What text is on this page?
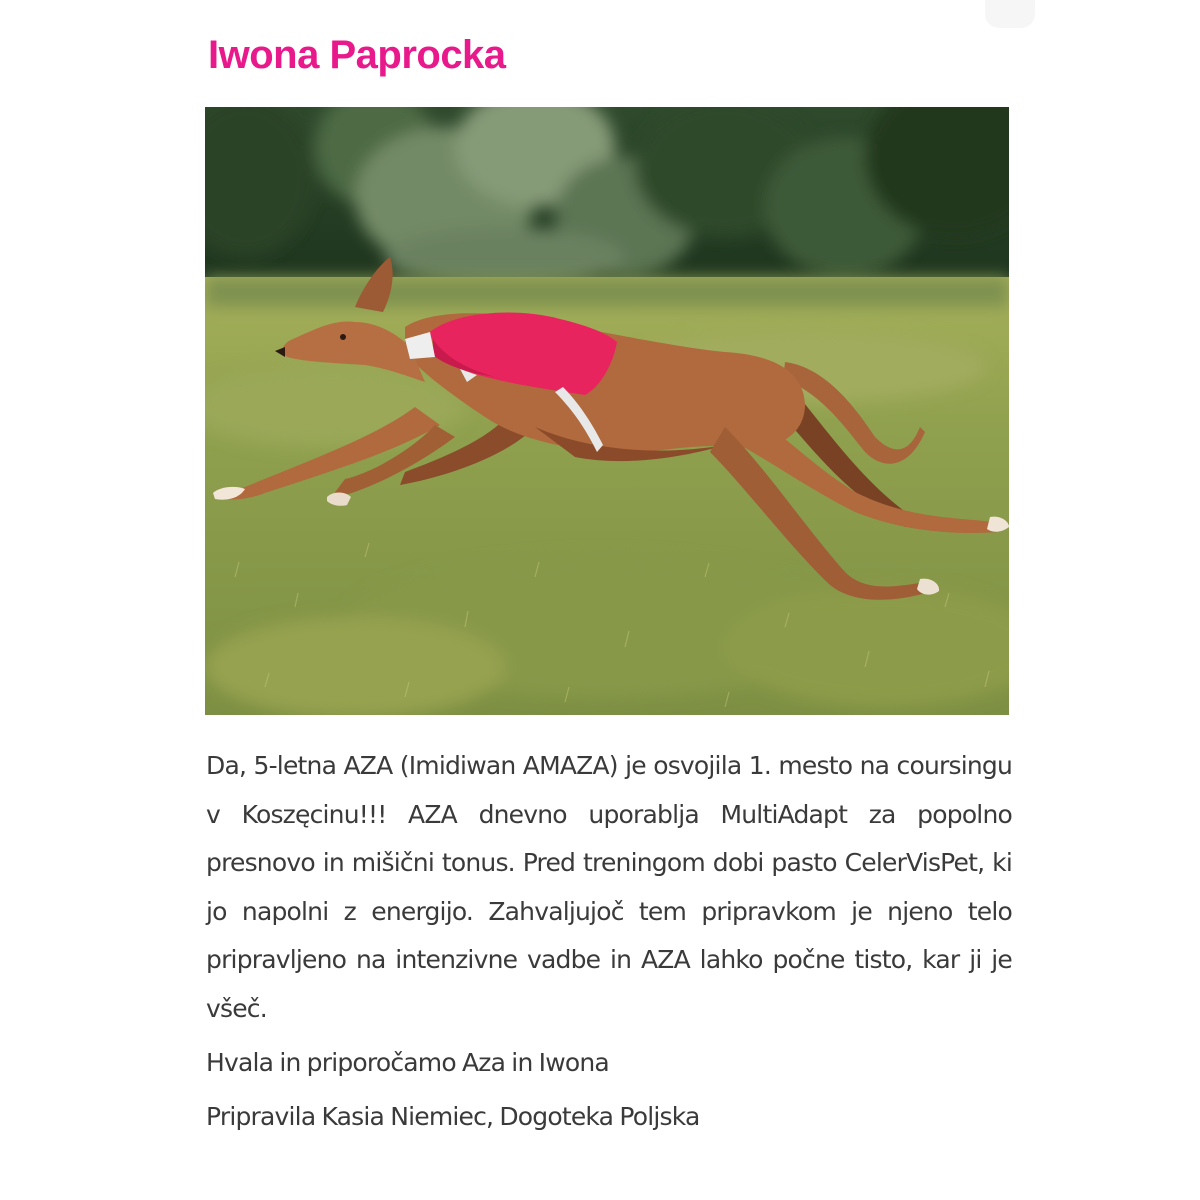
Iwona Paprocka

Da, 5-letna AZA (Imidiwan AMAZA) je osvojila 1. mesto na coursingu v Koszęcinu!!! AZA dnevno uporablja MultiAdapt za popolno presnovo in mišični tonus. Pred treningom dobi pasto CelerVisPet, ki jo napolni z energijo. Zahvaljujoč tem pripravkom je njeno telo pripravljeno na intenzivne vadbe in AZA lahko počne tisto, kar ji je všeč.

Hvala in priporočamo Aza in Iwona

Pripravila Kasia Niemiec, Dogoteka Poljska
